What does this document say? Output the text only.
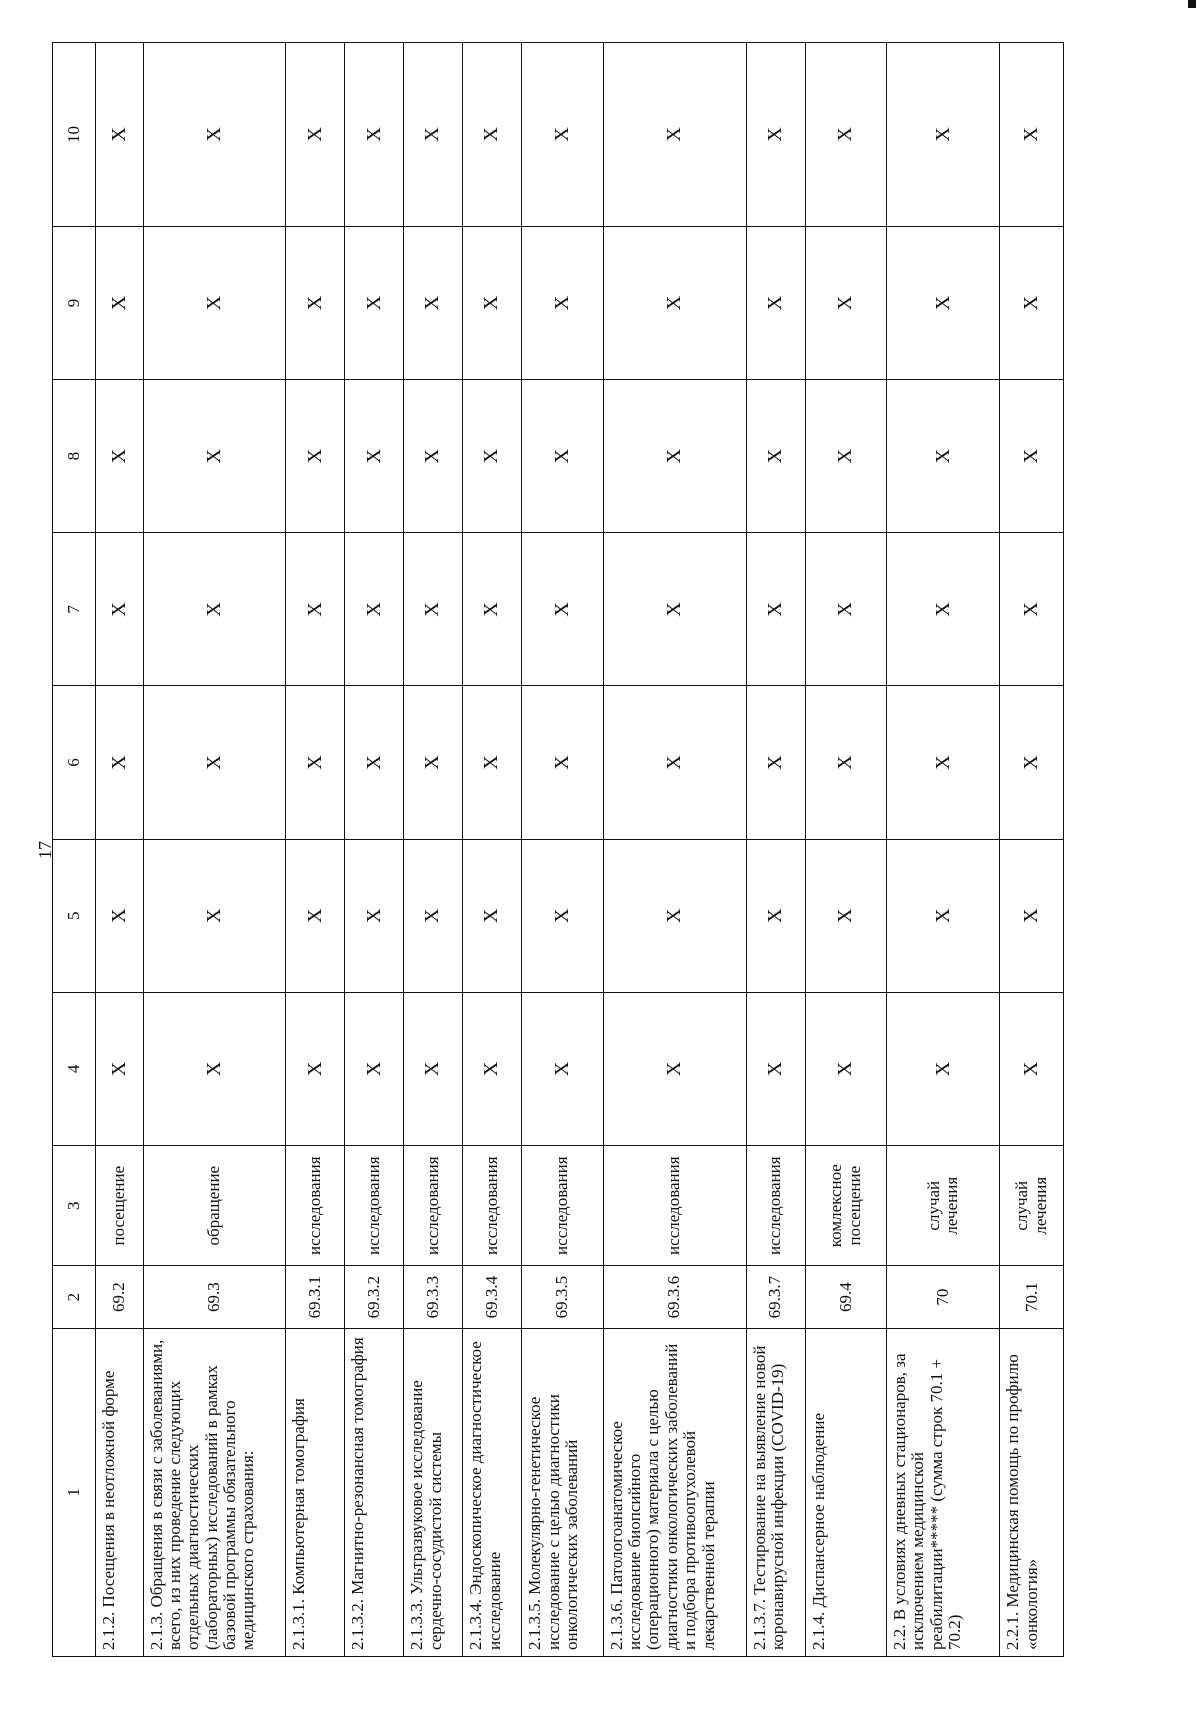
17
1	2	3	4	5	6	7	8	9	10
2.1.2. Посещения в неотложной форме	69.2	посещение	Х	Х	Х	Х	Х	Х	Х
2.1.3. Обращения в связи с заболеваниями, всего, из них проведение следующих отдельных диагностических (лабораторных) исследований в рамках базовой программы обязательного медицинского страхования:	69.3	обращение	Х	Х	Х	Х	Х	Х	Х
2.1.3.1. Компьютерная томография	69.3.1	исследования	Х	Х	Х	Х	Х	Х	Х
2.1.3.2. Магнитно-резонансная томография	69.3.2	исследования	Х	Х	Х	Х	Х	Х	Х
2.1.3.3. Ультразвуковое исследование сердечно-сосудистой системы	69.3.3	исследования	Х	Х	Х	Х	Х	Х	Х
2.1.3.4. Эндоскопическое диагностическое исследование	69.3.4	исследования	Х	Х	Х	Х	Х	Х	Х
2.1.3.5. Молекулярно-генетическое исследование с целью диагностики онкологических заболеваний	69.3.5	исследования	Х	Х	Х	Х	Х	Х	Х
2.1.3.6. Патологоанатомическое исследование биопсийного (операционного) материала с целью диагностики онкологических заболеваний и подбора противоопухолевой лекарственной терапии	69.3.6	исследования	Х	Х	Х	Х	Х	Х	Х
2.1.3.7. Тестирование на выявление новой коронавирусной инфекции (COVID-19)	69.3.7	исследования	Х	Х	Х	Х	Х	Х	Х
2.1.4. Диспансерное наблюдение	69.4	комлексное посещение	Х	Х	Х	Х	Х	Х	Х
2.2. В условиях дневных стационаров, за исключением медицинской реабилитации***** (сумма строк 70.1 + 70.2)	70	случай лечения	Х	Х	Х	Х	Х	Х	Х
2.2.1. Медицинская помощь по профилю «онкология»	70.1	случай лечения	Х	Х	Х	Х	Х	Х	Х
